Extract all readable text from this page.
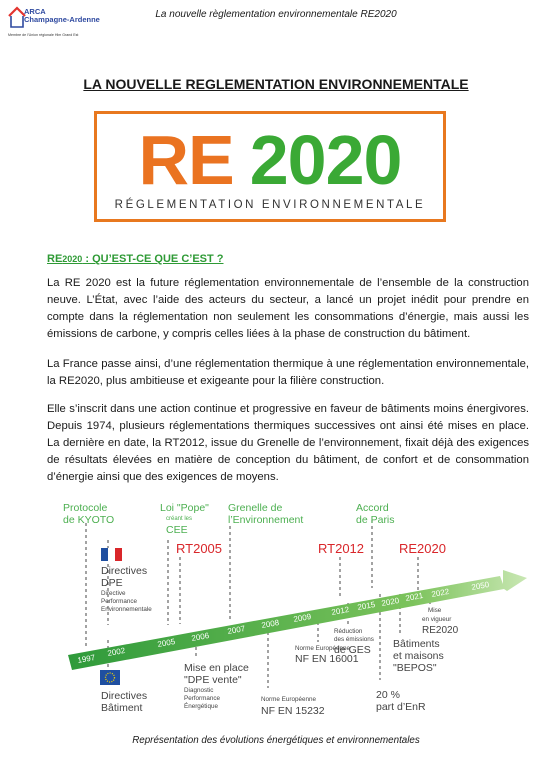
ARCA
Champagne-Ardenne
Membre de l'Union régionale Hlm Grand Est
La nouvelle règlementation environnementale RE2020
LA NOUVELLE REGLEMENTATION ENVIRONNEMENTALE
RE 2020
RÉGLEMENTATION ENVIRONNEMENTALE
RE2020 : QU’EST-CE QUE C’EST ?

La RE 2020 est la future réglementation environnementale de l’ensemble de la construction neuve. L’État, avec l’aide des acteurs du secteur, a lancé un projet inédit pour prendre en compte dans la réglementation non seulement les consommations d’énergie, mais aussi les émissions de carbone, y compris celles liées à la phase de construction du bâtiment.

La France passe ainsi, d’une réglementation thermique à une réglementation environnementale, la RE2020, plus ambitieuse et exigeante pour la filière construction.

Elle s’inscrit dans une action continue et progressive en faveur de bâtiments moins énergivores. Depuis 1974, plusieurs réglementations thermiques successives ont ainsi été mises en place. La dernière en date, la RT2012, issue du Grenelle de l’environnement, fixait déjà des exigences de résultats élevées en matière de conception du bâtiment, de confort et de consommation d’énergie ainsi que des exigences de moyens.

1997
2002
2005
2006
2007
2008
2009
2012 2015 2020 2021 2022
2050
Protocole de KYOTO
Loi "Pope" créant les CEE
Grenelle de l’Environnement
Accord de Paris
RT2005	RT2012	RE2020
Directives DPE Directive Performance Environnementale
Directives Bâtiment
Mise en place "DPE vente" Diagnostic Performance Énergétique
Norme Européenne NF EN 15232
Norme Européenne NF EN 16001
Réduction des émissions de GES	Bâtiments et maisons "BEPOS"
20 % part d’EnR
Mise en vigueur RE2020
Représentation des évolutions énergétiques et environnementales
